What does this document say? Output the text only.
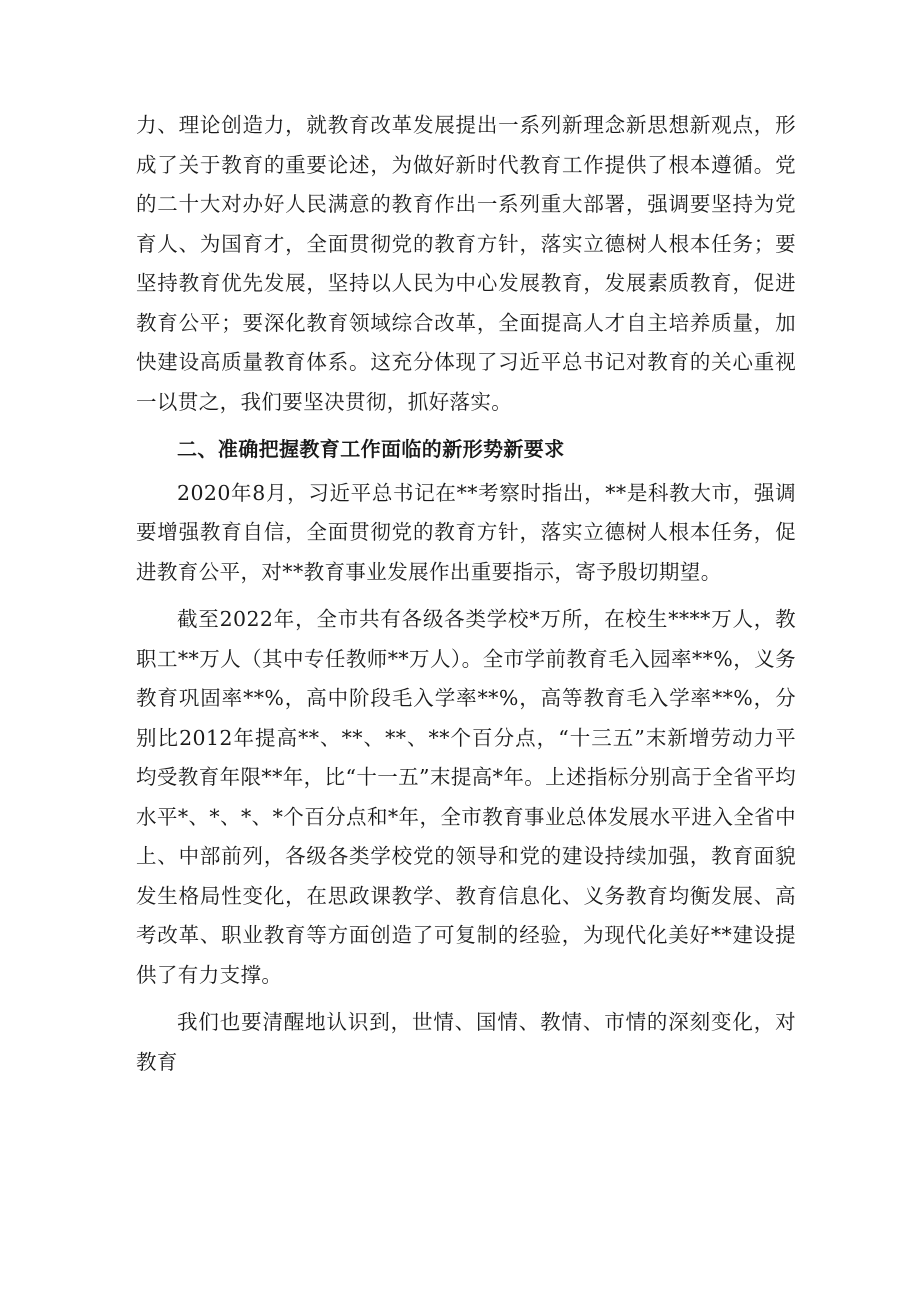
力、理论创造力，就教育改革发展提出一系列新理念新思想新观点，形成了关于教育的重要论述，为做好新时代教育工作提供了根本遵循。党的二十大对办好人民满意的教育作出一系列重大部署，强调要坚持为党育人、为国育才，全面贯彻党的教育方针，落实立德树人根本任务；要坚持教育优先发展，坚持以人民为中心发展教育，发展素质教育，促进教育公平；要深化教育领域综合改革，全面提高人才自主培养质量，加快建设高质量教育体系。这充分体现了习近平总书记对教育的关心重视一以贯之，我们要坚决贯彻，抓好落实。

二、准确把握教育工作面临的新形势新要求

2020年8月，习近平总书记在**考察时指出，**是科教大市，强调要增强教育自信，全面贯彻党的教育方针，落实立德树人根本任务，促进教育公平，对**教育事业发展作出重要指示，寄予殷切期望。

截至2022年，全市共有各级各类学校*万所，在校生****万人，教职工**万人（其中专任教师**万人）。全市学前教育毛入园率**%，义务教育巩固率**%，高中阶段毛入学率**%，高等教育毛入学率**%，分别比2012年提高**、**、**、**个百分点，“十三五”末新增劳动力平均受教育年限**年，比“十一五”末提高*年。上述指标分别高于全省平均水平*、*、*、*个百分点和*年，全市教育事业总体发展水平进入全省中上、中部前列，各级各类学校党的领导和党的建设持续加强，教育面貌发生格局性变化，在思政课教学、教育信息化、义务教育均衡发展、高考改革、职业教育等方面创造了可复制的经验，为现代化美好**建设提供了有力支撑。

我们也要清醒地认识到，世情、国情、教情、市情的深刻变化，对教育
